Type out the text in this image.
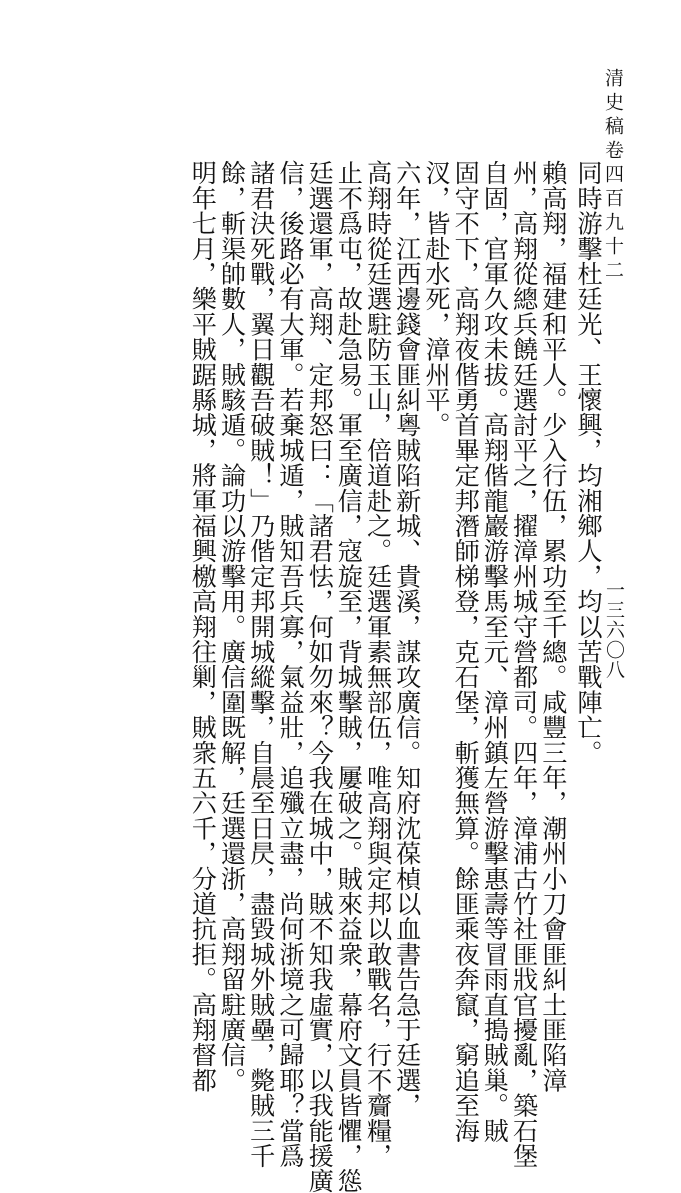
清史稿卷四百九十二
一三六〇八
同時游擊杜廷光、王懷興，均湘鄉人，均以苦戰陣亡。
賴高翔，福建和平人。少入行伍，累功至千總。咸豐三年，潮州小刀會匪糾土匪陷漳
州，高翔從總兵饒廷選討平之，擢漳州城守營都司。四年，漳浦古竹社匪戕官擾亂，築石堡
自固，官軍久攻未拔。高翔偕龍巖游擊馬至元、漳州鎮左營游擊惠壽等冒雨直搗賊巢。賊
固守不下，高翔夜偕勇首畢定邦潛師梯登，克石堡，斬獲無算。餘匪乘夜奔竄，窮追至海
汊，皆赴水死，漳州平。
六年，江西邊錢會匪糾粵賊陷新城、貴溪，謀攻廣信。知府沈葆楨以血書告急于廷選，
高翔時從廷選駐防玉山，倍道赴之。廷選軍素無部伍，唯高翔與定邦以敢戰名，行不齎糧，
止不爲屯，故赴急易。軍至廣信，寇旋至，背城擊賊，屢破之。賊來益衆，幕府文員皆懼，慫
廷選還軍，高翔、定邦怒曰：「諸君怯，何如勿來？今我在城中，賊不知我虛實，以我能援廣
信，後路必有大軍。若棄城遁，賊知吾兵寡，氣益壯，追殲立盡，尚何浙境之可歸耶？當爲
諸君決死戰，翼日觀吾破賊！」乃偕定邦開城縱擊，自晨至日昃，盡毀城外賊壘，斃賊三千
餘，斬渠帥數人，賊駭遁。論功以游擊用。廣信圍既解，廷選還浙，高翔留駐廣信。
明年七月，樂平賊踞縣城，將軍福興檄高翔往剿，賊衆五六千，分道抗拒。高翔督都
